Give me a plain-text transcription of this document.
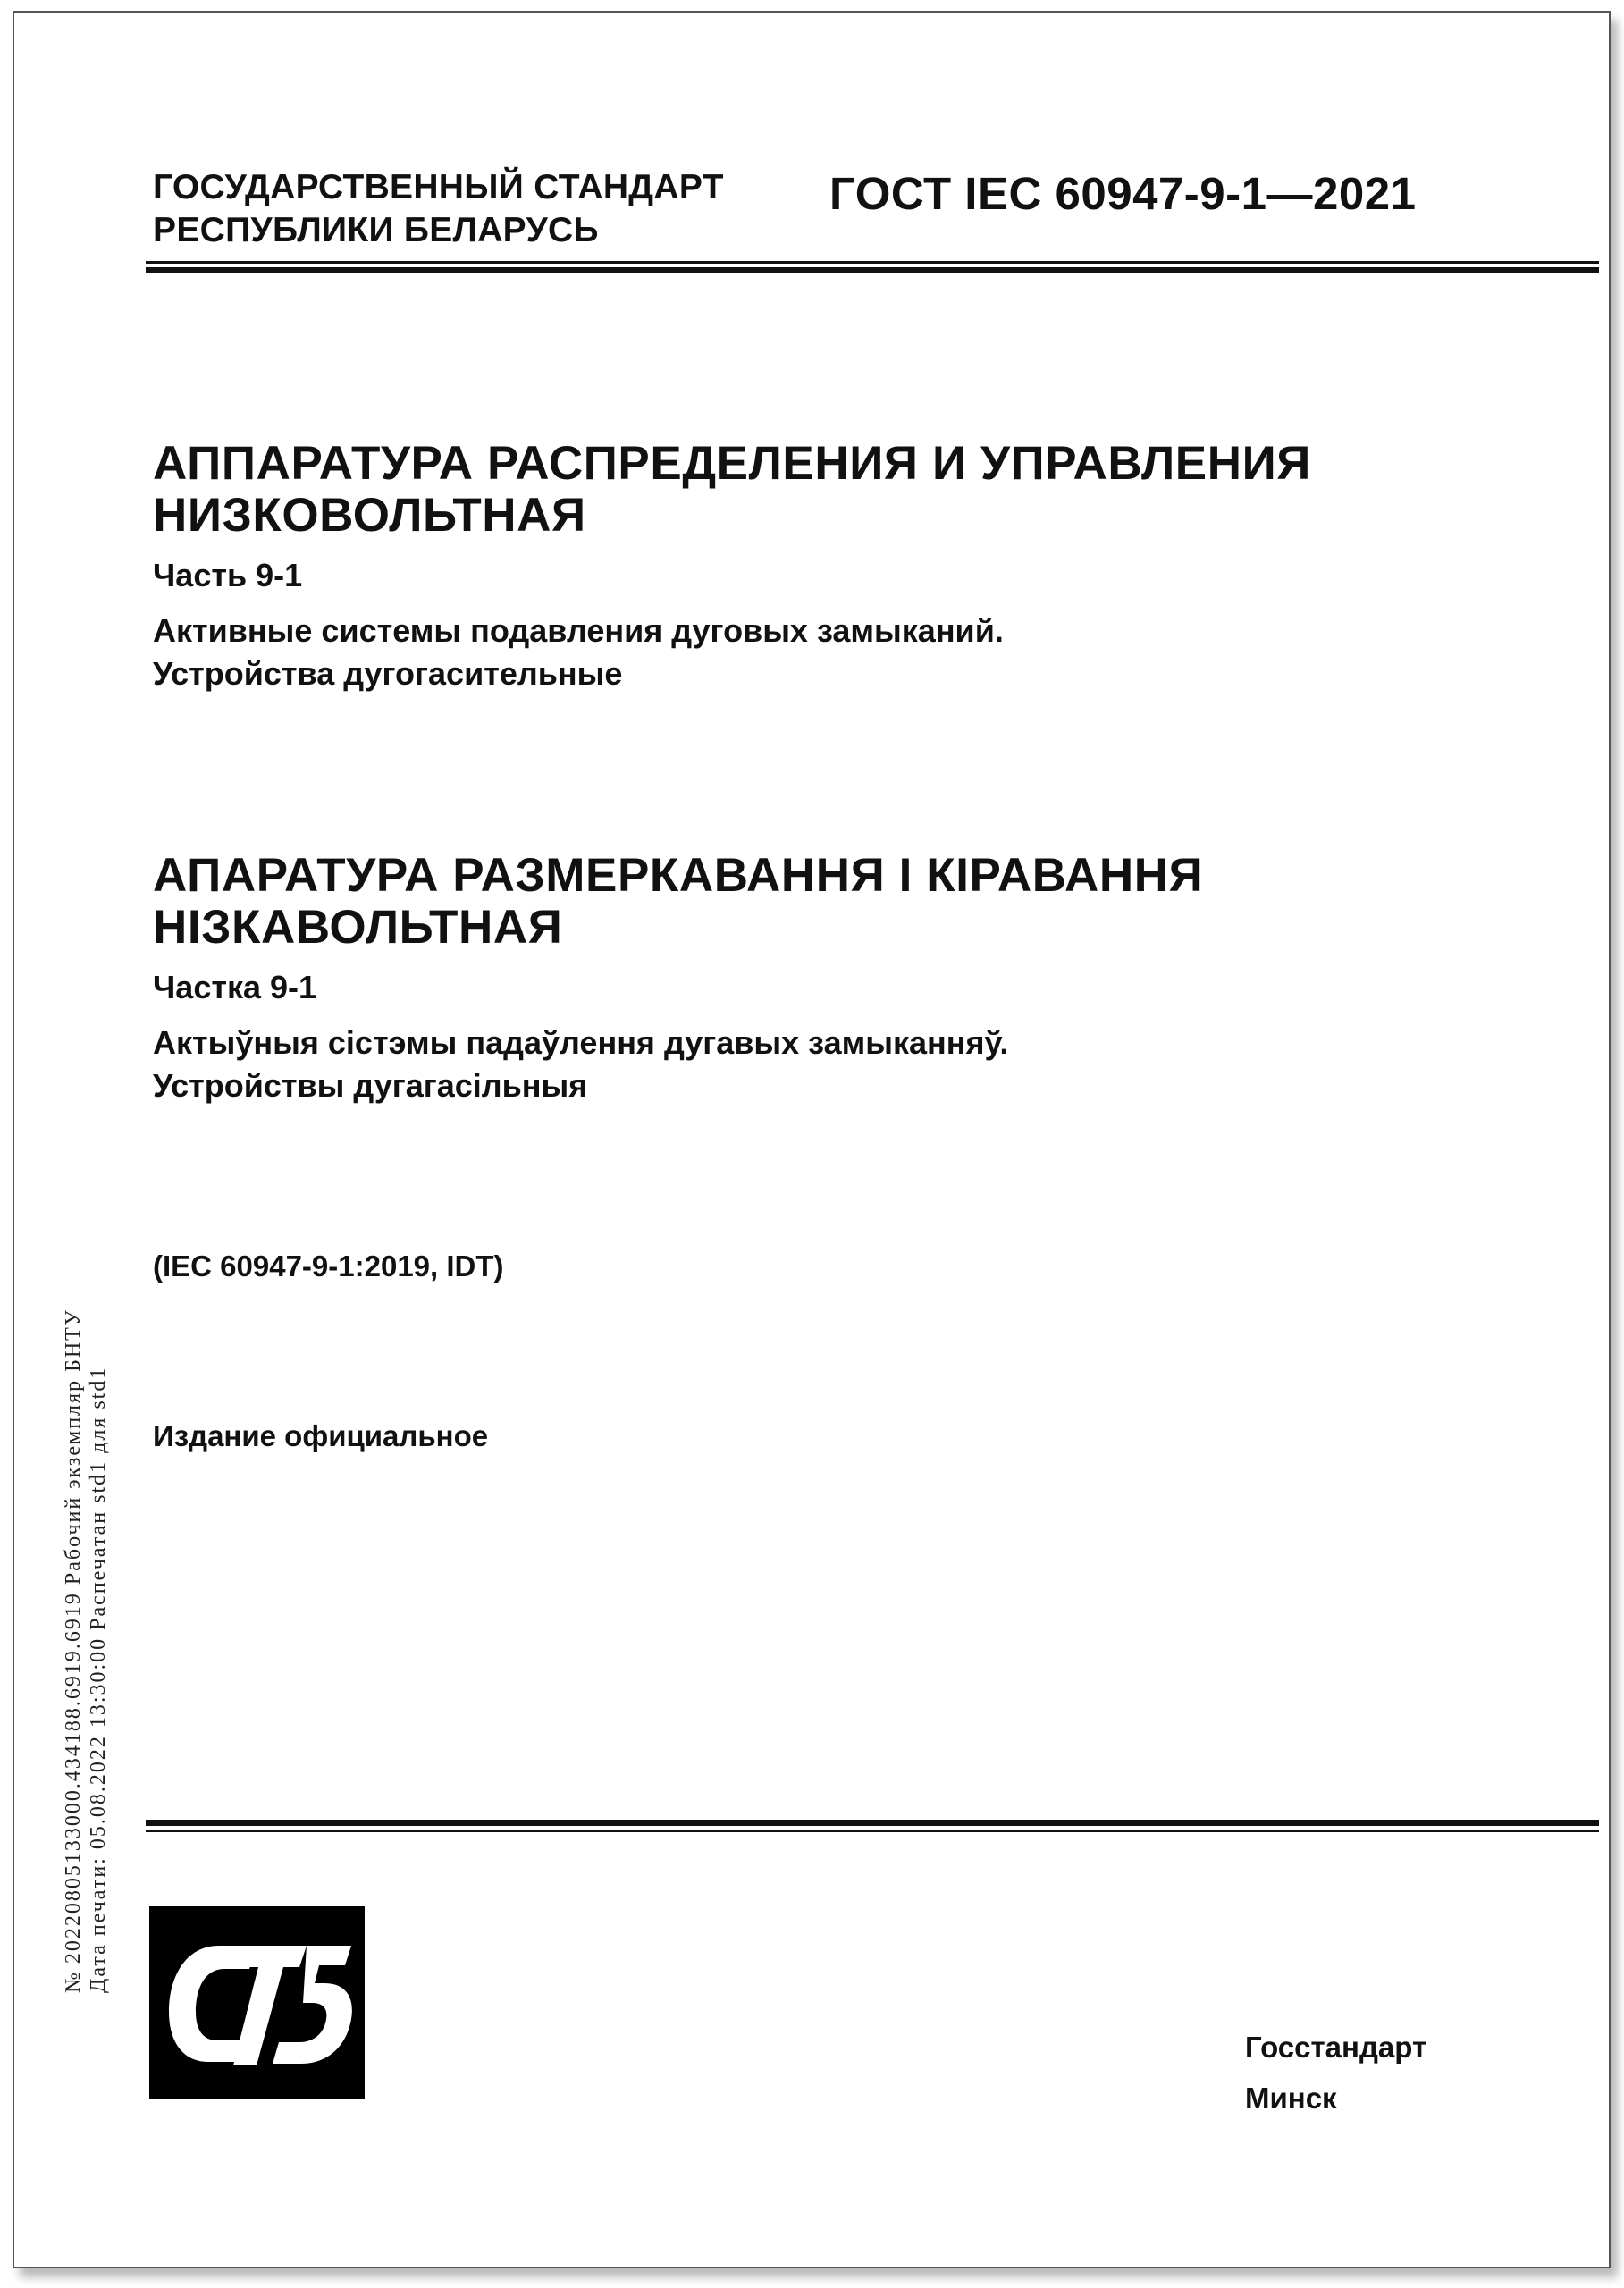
ГОСУДАРСТВЕННЫЙ СТАНДАРТ
РЕСПУБЛИКИ БЕЛАРУСЬ
ГОСТ IEC 60947-9-1—2021

АППАРАТУРА РАСПРЕДЕЛЕНИЯ И УПРАВЛЕНИЯ
НИЗКОВОЛЬТНАЯ

Часть 9-1

Активные системы подавления дуговых замыканий.
Устройства дугогасительные

АПАРАТУРА РАЗМЕРКАВАННЯ І КІРАВАННЯ
НІЗКАВОЛЬТНАЯ

Частка 9-1

Актыўныя сістэмы падаўлення дугавых замыканняў.
Устройствы дугагасільныя

(IEC 60947-9-1:2019, IDT)
Издание официальное
№ 20220805133000.434188.6919.6919 Рабочий экземпляр БНТУ Дата печати: 05.08.2022 13:30:00 Распечатан std1 для std1
Госстандарт
Минск
